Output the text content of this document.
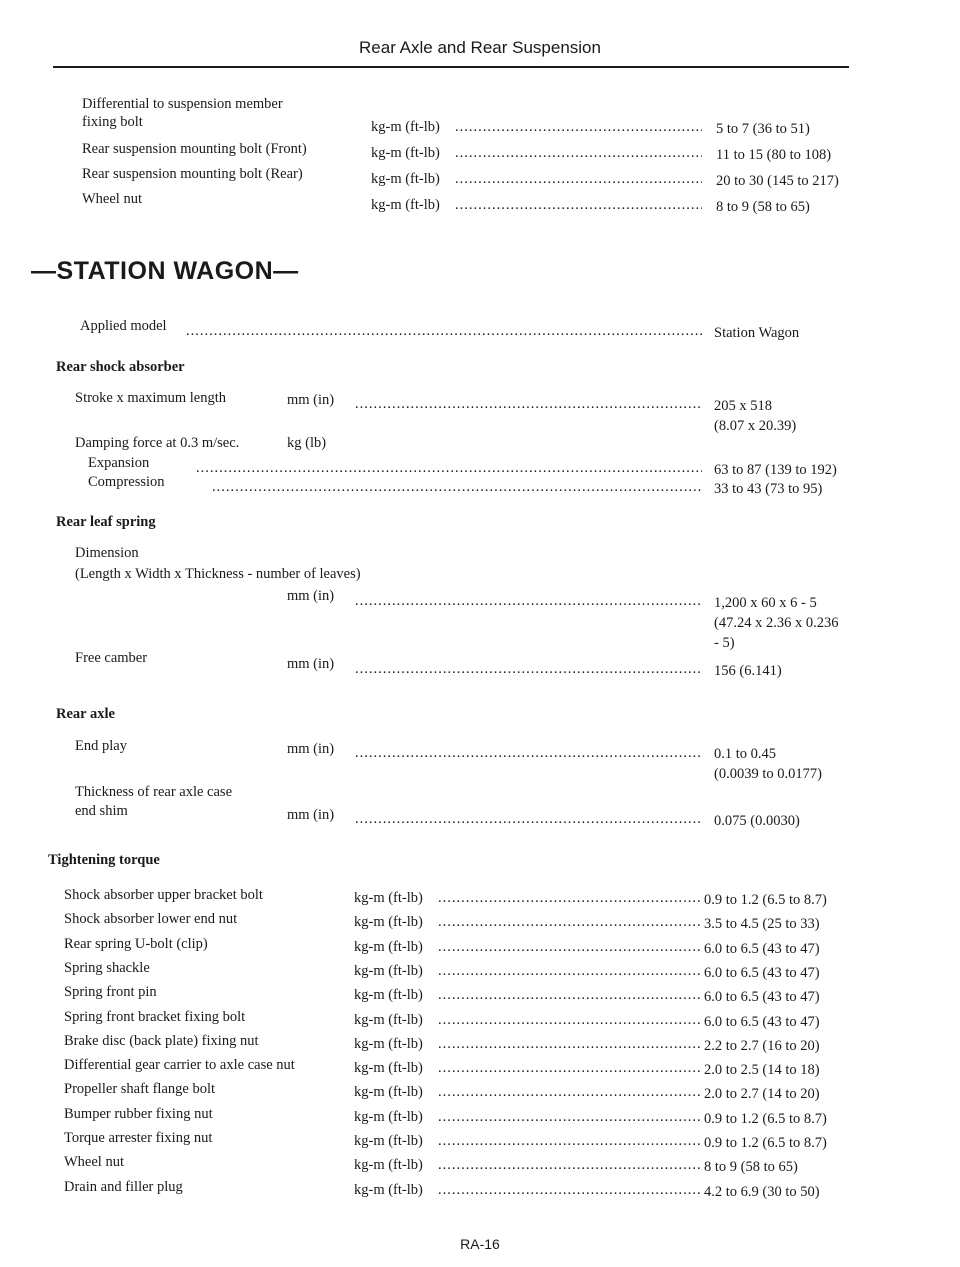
Rear Axle and Rear Suspension
Differential to suspension member
fixing bolt	kg-m (ft-lb) .....	5 to 7 (36 to 51)
Rear suspension mounting bolt (Front)	kg-m (ft-lb) .....	11 to 15 (80 to 108)
Rear suspension mounting bolt (Rear)	kg-m (ft-lb) .....	20 to 30 (145 to 217)
Wheel nut	kg-m (ft-lb) .....	8 to 9 (58 to 65)
—STATION WAGON—
Applied model .....	Station Wagon
Rear shock absorber
Stroke x maximum length	mm (in) .....	205 x 518
(8.07 x 20.39)
Damping force at 0.3 m/sec.	kg (lb)
Expansion .....	63 to 87 (139 to 192)
Compression .....	33 to 43 (73 to 95)
Rear leaf spring
Dimension
(Length x Width x Thickness - number of leaves)
mm (in) .....	1,200 x 60 x 6 - 5
(47.24 x 2.36 x 0.236
- 5)
Free camber	mm (in) .....	156 (6.141)
Rear axle
End play	mm (in) .....	0.1 to 0.45
(0.0039 to 0.0177)
Thickness of rear axle case
end shim	mm (in) .....	0.075 (0.0030)
Tightening torque
Shock absorber upper bracket bolt	kg-m (ft-lb) .....	0.9 to 1.2 (6.5 to 8.7)
Shock absorber lower end nut	kg-m (ft-lb) .....	3.5 to 4.5 (25 to 33)
Rear spring U-bolt (clip)	kg-m (ft-lb) .....	6.0 to 6.5 (43 to 47)
Spring shackle	kg-m (ft-lb) .....	6.0 to 6.5 (43 to 47)
Spring front pin	kg-m (ft-lb) .....	6.0 to 6.5 (43 to 47)
Spring front bracket fixing bolt	kg-m (ft-lb) .....	6.0 to 6.5 (43 to 47)
Brake disc (back plate) fixing nut	kg-m (ft-lb) .....	2.2 to 2.7 (16 to 20)
Differential gear carrier to axle case nut	kg-m (ft-lb) .....	2.0 to 2.5 (14 to 18)
Propeller shaft flange bolt	kg-m (ft-lb) .....	2.0 to 2.7 (14 to 20)
Bumper rubber fixing nut	kg-m (ft-lb) .....	0.9 to 1.2 (6.5 to 8.7)
Torque arrester fixing nut	kg-m (ft-lb) .....	0.9 to 1.2 (6.5 to 8.7)
Wheel nut	kg-m (ft-lb) .....	8 to 9 (58 to 65)
Drain and filler plug	kg-m (ft-lb) .....	4.2 to 6.9 (30 to 50)
RA-16
